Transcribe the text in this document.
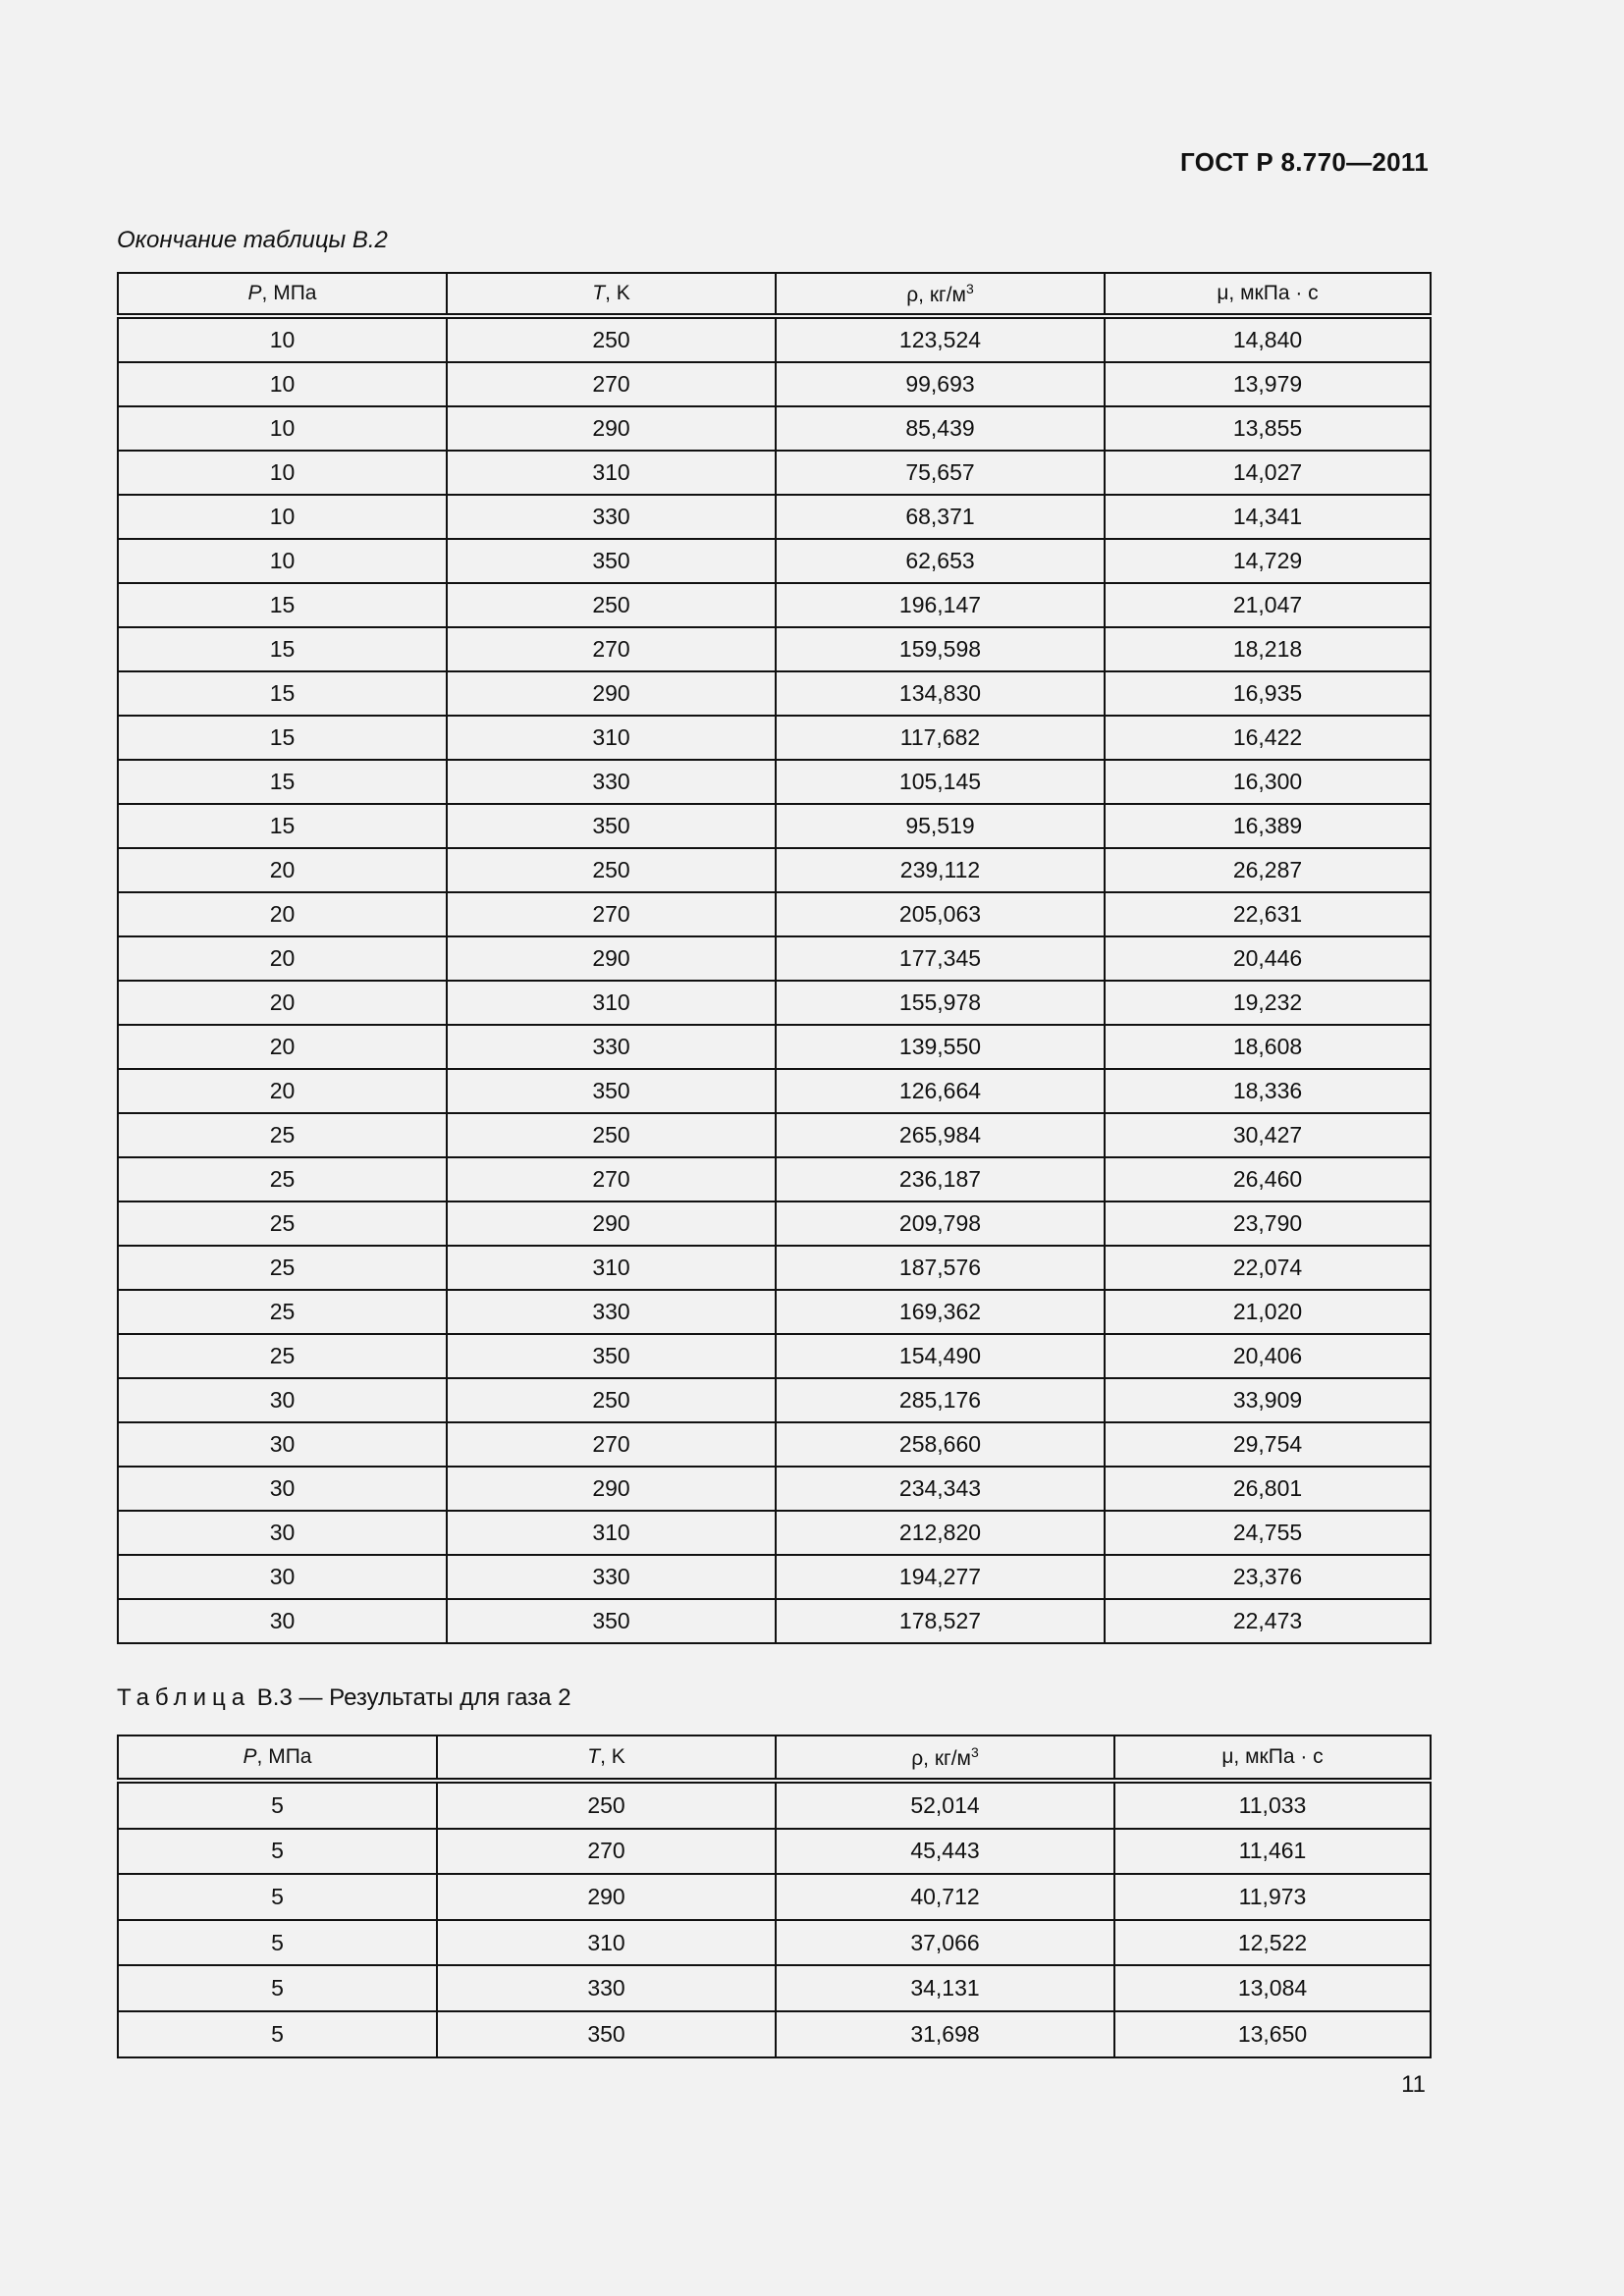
ГОСТ Р 8.770—2011
Окончание таблицы В.2
P, МПа	T, K	ρ, $кг/м^3$	μ, мкПа · с
10	250	123,524	14,840
10	270	99,693	13,979
10	290	85,439	13,855
10	310	75,657	14,027
10	330	68,371	14,341
10	350	62,653	14,729
15	250	196,147	21,047
15	270	159,598	18,218
15	290	134,830	16,935
15	310	117,682	16,422
15	330	105,145	16,300
15	350	95,519	16,389
20	250	239,112	26,287
20	270	205,063	22,631
20	290	177,345	20,446
20	310	155,978	19,232
20	330	139,550	18,608
20	350	126,664	18,336
25	250	265,984	30,427
25	270	236,187	26,460
25	290	209,798	23,790
25	310	187,576	22,074
25	330	169,362	21,020
25	350	154,490	20,406
30	250	285,176	33,909
30	270	258,660	29,754
30	290	234,343	26,801
30	310	212,820	24,755
30	330	194,277	23,376
30	350	178,527	22,473
Таблица В.3 — Результаты для газа 2
P, МПа	T, K	ρ, $кг/м^3$	μ, мкПа · с
5	250	52,014	11,033
5	270	45,443	11,461
5	290	40,712	11,973
5	310	37,066	12,522
5	330	34,131	13,084
5	350	31,698	13,650
11
